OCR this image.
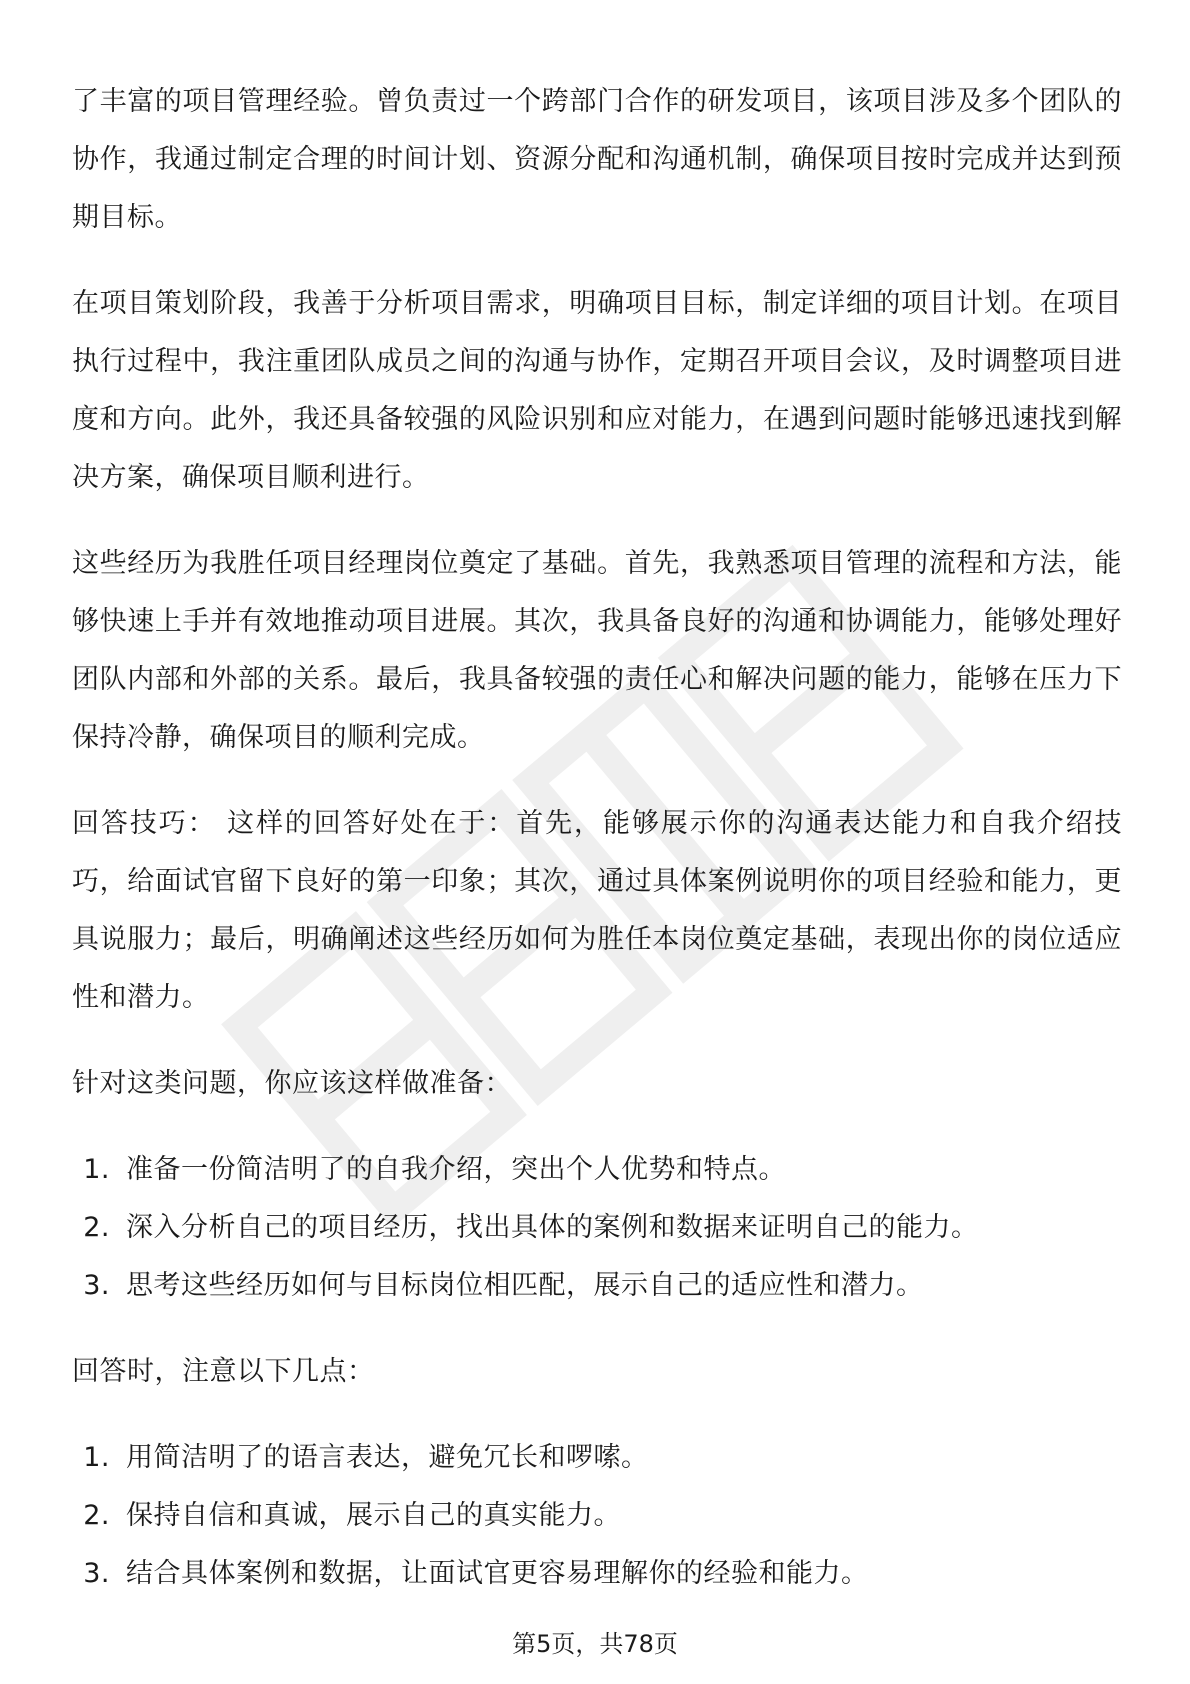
了丰富的项目管理经验。曾负责过一个跨部门合作的研发项目，该项目涉及多个团队的协作，我通过制定合理的时间计划、资源分配和沟通机制，确保项目按时完成并达到预期目标。

在项目策划阶段，我善于分析项目需求，明确项目目标，制定详细的项目计划。在项目执行过程中，我注重团队成员之间的沟通与协作，定期召开项目会议，及时调整项目进度和方向。此外，我还具备较强的风险识别和应对能力，在遇到问题时能够迅速找到解决方案，确保项目顺利进行。

这些经历为我胜任项目经理岗位奠定了基础。首先，我熟悉项目管理的流程和方法，能够快速上手并有效地推动项目进展。其次，我具备良好的沟通和协调能力，能够处理好团队内部和外部的关系。最后，我具备较强的责任心和解决问题的能力，能够在压力下保持冷静，确保项目的顺利完成。

回答技巧： 这样的回答好处在于：首先，能够展示你的沟通表达能力和自我介绍技巧，给面试官留下良好的第一印象；其次，通过具体案例说明你的项目经验和能力，更具说服力；最后，明确阐述这些经历如何为胜任本岗位奠定基础，表现出你的岗位适应性和潜力。

针对这类问题，你应该这样做准备：

1. 准备一份简洁明了的自我介绍，突出个人优势和特点。
2. 深入分析自己的项目经历，找出具体的案例和数据来证明自己的能力。
3. 思考这些经历如何与目标岗位相匹配，展示自己的适应性和潜力。

回答时，注意以下几点：

1. 用简洁明了的语言表达，避免冗长和啰嗦。
2. 保持自信和真诚，展示自己的真实能力。
3. 结合具体案例和数据，让面试官更容易理解你的经验和能力。
第5页，共78页
